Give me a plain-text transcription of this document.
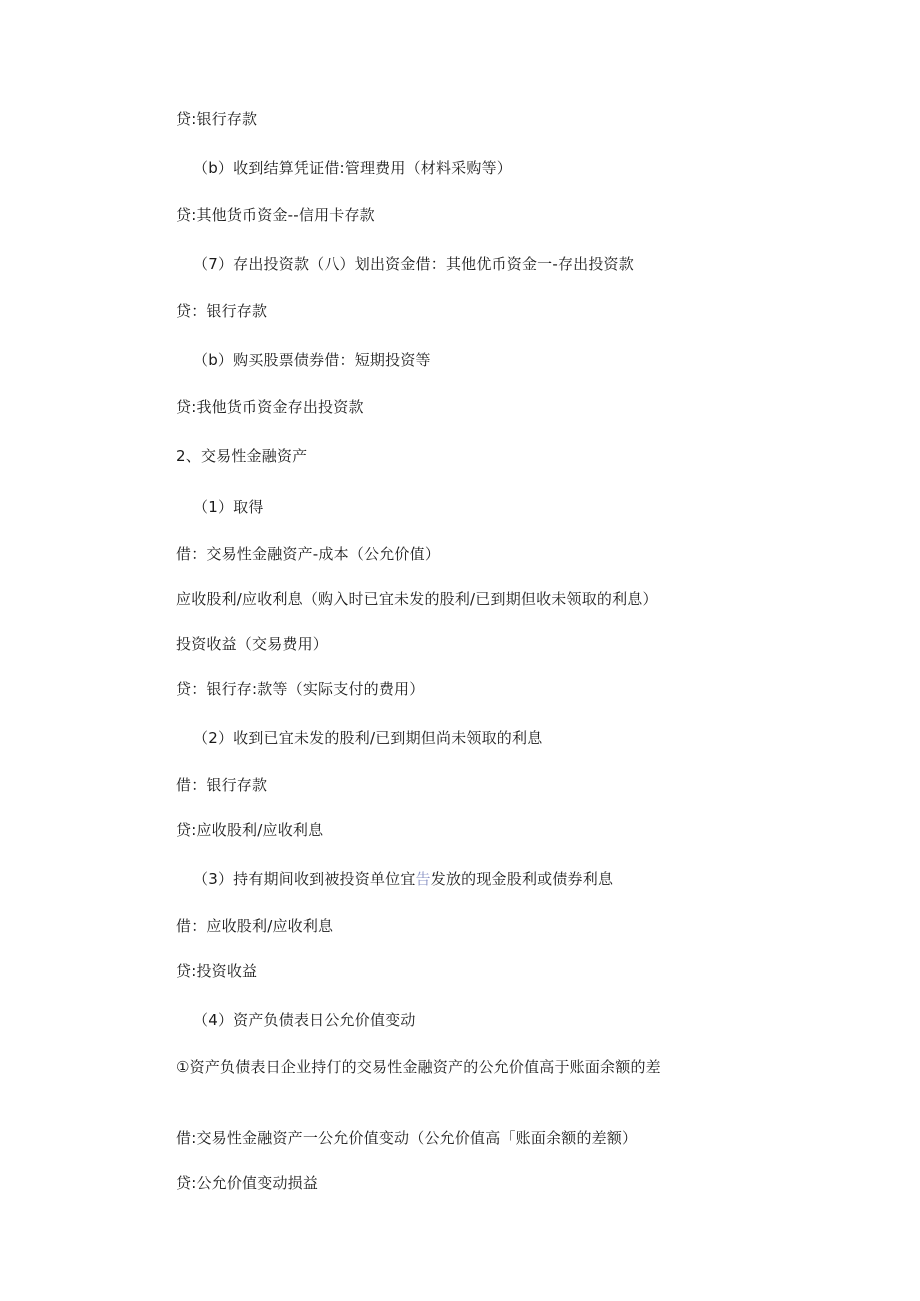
贷:银行存款
（b）收到结算凭证借:管理费用（材料采购等）
贷:其他货币资金--信用卡存款
（7）存出投资款（八）划出资金借：其他优币资金一-存出投资款
贷：银行存款
（b）购买股票债券借：短期投资等
贷:我他货币资金存出投资款
2、交易性金融资产
（1）取得
借：交易性金融资产-成本（公允价值）
应收股利/应收利息（购入时已宜未发的股利/已到期但收未领取的利息）
投资收益（交易费用）
贷：银行存:款等（实际支付的费用）
（2）收到已宜未发的股利/已到期但尚未领取的利息
借：银行存款
贷:应收股利/应收利息
（3）持有期间收到被投资单位宜告发放的现金股利或债券利息
借：应收股利/应收利息
贷:投资收益
（4）资产负债表日公允价值变动
①资产负债表日企业持仃的交易性金融资产的公允价值高于账面余额的差
借:交易性金融资产一公允价值变动（公允价值高「账面余额的差额）
贷:公允价值变动损益
